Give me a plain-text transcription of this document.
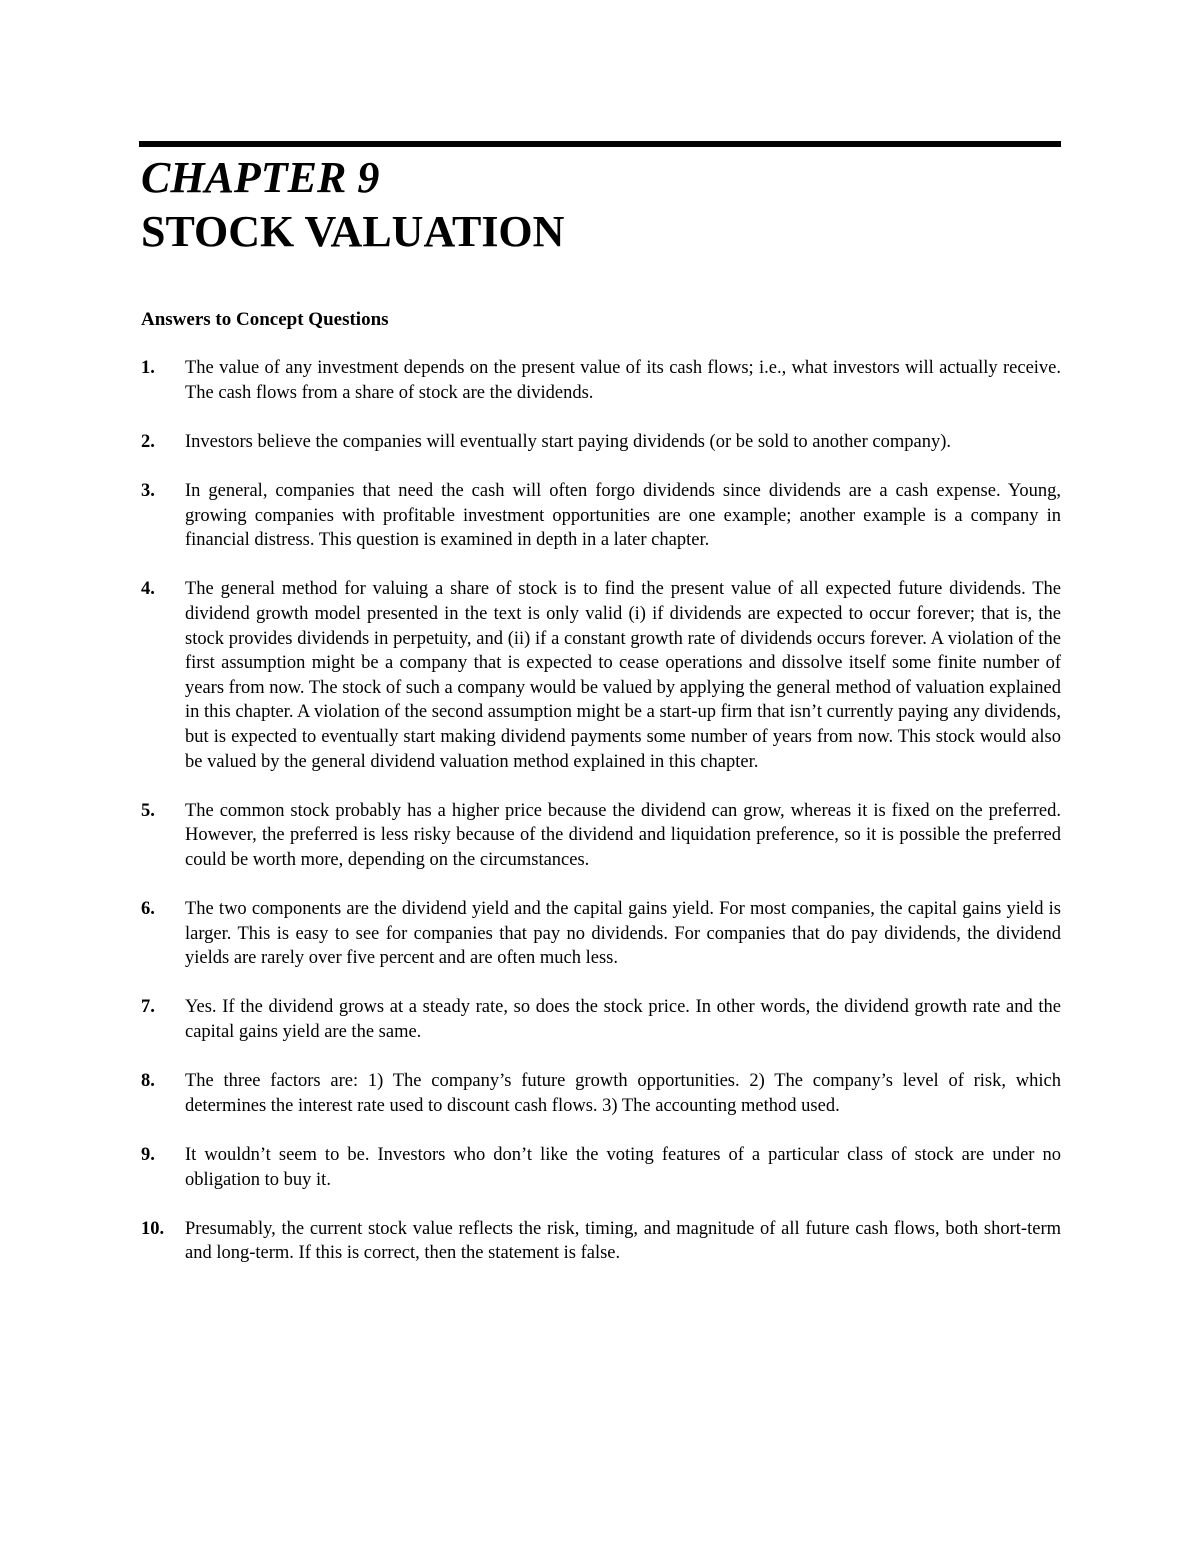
CHAPTER 9
STOCK VALUATION
Answers to Concept Questions
1. The value of any investment depends on the present value of its cash flows; i.e., what investors will actually receive. The cash flows from a share of stock are the dividends.
2. Investors believe the companies will eventually start paying dividends (or be sold to another company).
3. In general, companies that need the cash will often forgo dividends since dividends are a cash expense. Young, growing companies with profitable investment opportunities are one example; another example is a company in financial distress. This question is examined in depth in a later chapter.
4. The general method for valuing a share of stock is to find the present value of all expected future dividends. The dividend growth model presented in the text is only valid (i) if dividends are expected to occur forever; that is, the stock provides dividends in perpetuity, and (ii) if a constant growth rate of dividends occurs forever. A violation of the first assumption might be a company that is expected to cease operations and dissolve itself some finite number of years from now. The stock of such a company would be valued by applying the general method of valuation explained in this chapter. A violation of the second assumption might be a start-up firm that isn’t currently paying any dividends, but is expected to eventually start making dividend payments some number of years from now. This stock would also be valued by the general dividend valuation method explained in this chapter.
5. The common stock probably has a higher price because the dividend can grow, whereas it is fixed on the preferred. However, the preferred is less risky because of the dividend and liquidation preference, so it is possible the preferred could be worth more, depending on the circumstances.
6. The two components are the dividend yield and the capital gains yield. For most companies, the capital gains yield is larger. This is easy to see for companies that pay no dividends. For companies that do pay dividends, the dividend yields are rarely over five percent and are often much less.
7. Yes. If the dividend grows at a steady rate, so does the stock price. In other words, the dividend growth rate and the capital gains yield are the same.
8. The three factors are: 1) The company’s future growth opportunities. 2) The company’s level of risk, which determines the interest rate used to discount cash flows. 3) The accounting method used.
9. It wouldn’t seem to be. Investors who don’t like the voting features of a particular class of stock are under no obligation to buy it.
10. Presumably, the current stock value reflects the risk, timing, and magnitude of all future cash flows, both short-term and long-term. If this is correct, then the statement is false.
